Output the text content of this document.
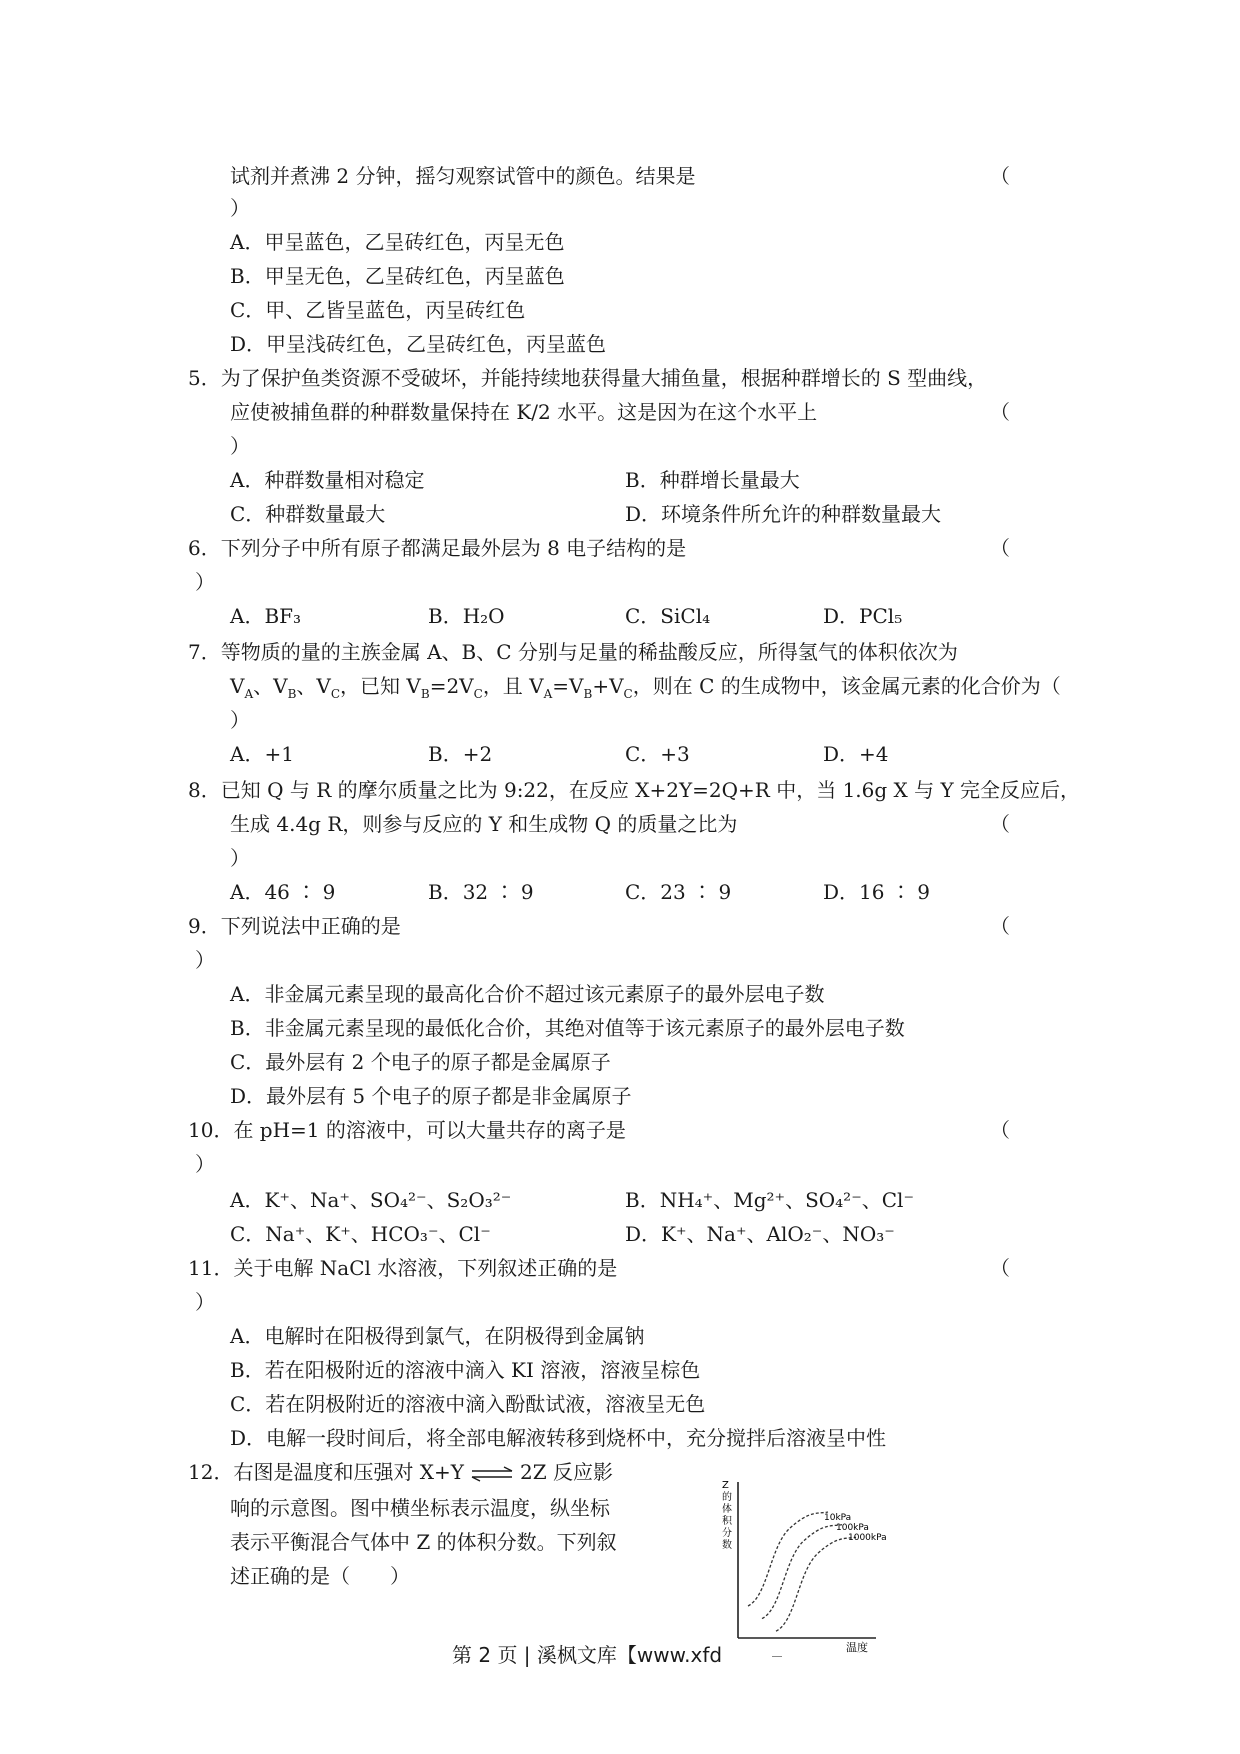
试剂并煮沸 2 分钟，摇匀观察试管中的颜色。结果是	（
）
A．甲呈蓝色，乙呈砖红色，丙呈无色
B．甲呈无色，乙呈砖红色，丙呈蓝色
C．甲、乙皆呈蓝色，丙呈砖红色
D．甲呈浅砖红色，乙呈砖红色，丙呈蓝色
5．为了保护鱼类资源不受破坏，并能持续地获得量大捕鱼量，根据种群增长的 S 型曲线，
应使被捕鱼群的种群数量保持在 K/2 水平。这是因为在这个水平上	（
）
A．种群数量相对稳定	B．种群增长量最大
C．种群数量最大	D．环境条件所允许的种群数量最大
6．下列分子中所有原子都满足最外层为 8 电子结构的是	（
）
A．BF₃	B．H₂O	C．SiCl₄	D．PCl₅
7．等物质的量的主族金属 A、B、C 分别与足量的稀盐酸反应，所得氢气的体积依次为
$V_A$、$V_B$、$V_C$，已知 $V_B=2V_C$，且 $V_A=V_B+V_C$，则在 C 的生成物中，该金属元素的化合价为（
）
A．+1	B．+2	C．+3	D．+4
8．已知 Q 与 R 的摩尔质量之比为 9:22，在反应 X+2Y=2Q+R 中，当 1.6g X 与 Y 完全反应后，
生成 4.4g R，则参与反应的 Y 和生成物 Q 的质量之比为	（
）
A．46 ∶ 9	B．32 ∶ 9	C．23 ∶ 9	D．16 ∶ 9
9．下列说法中正确的是	（
）
A．非金属元素呈现的最高化合价不超过该元素原子的最外层电子数
B．非金属元素呈现的最低化合价，其绝对值等于该元素原子的最外层电子数
C．最外层有 2 个电子的原子都是金属原子
D．最外层有 5 个电子的原子都是非金属原子
10．在 pH=1 的溶液中，可以大量共存的离子是	（
）
A．K⁺、Na⁺、SO₄²⁻、S₂O₃²⁻	B．NH₄⁺、Mg²⁺、SO₄²⁻、Cl⁻
C．Na⁺、K⁺、HCO₃⁻、Cl⁻	D．K⁺、Na⁺、AlO₂⁻、NO₃⁻
11．关于电解 NaCl 水溶液，下列叙述正确的是	（
）
A．电解时在阳极得到氯气，在阴极得到金属钠
B．若在阳极附近的溶液中滴入 KI 溶液，溶液呈棕色
C．若在阴极附近的溶液中滴入酚酞试液，溶液呈无色
D．电解一段时间后，将全部电解液转移到烧杯中，充分搅拌后溶液呈中性
12．右图是温度和压强对 X+Y ⇌ 2Z 反应影
响的示意图。图中横坐标表示温度，纵坐标
表示平衡混合气体中 Z 的体积分数。下列叙
述正确的是（　　）
Z
的
体
积
分
数
温度
10kPa
100kPa
1000kPa
第 2 页 | 溪枫文库【www.xfd
